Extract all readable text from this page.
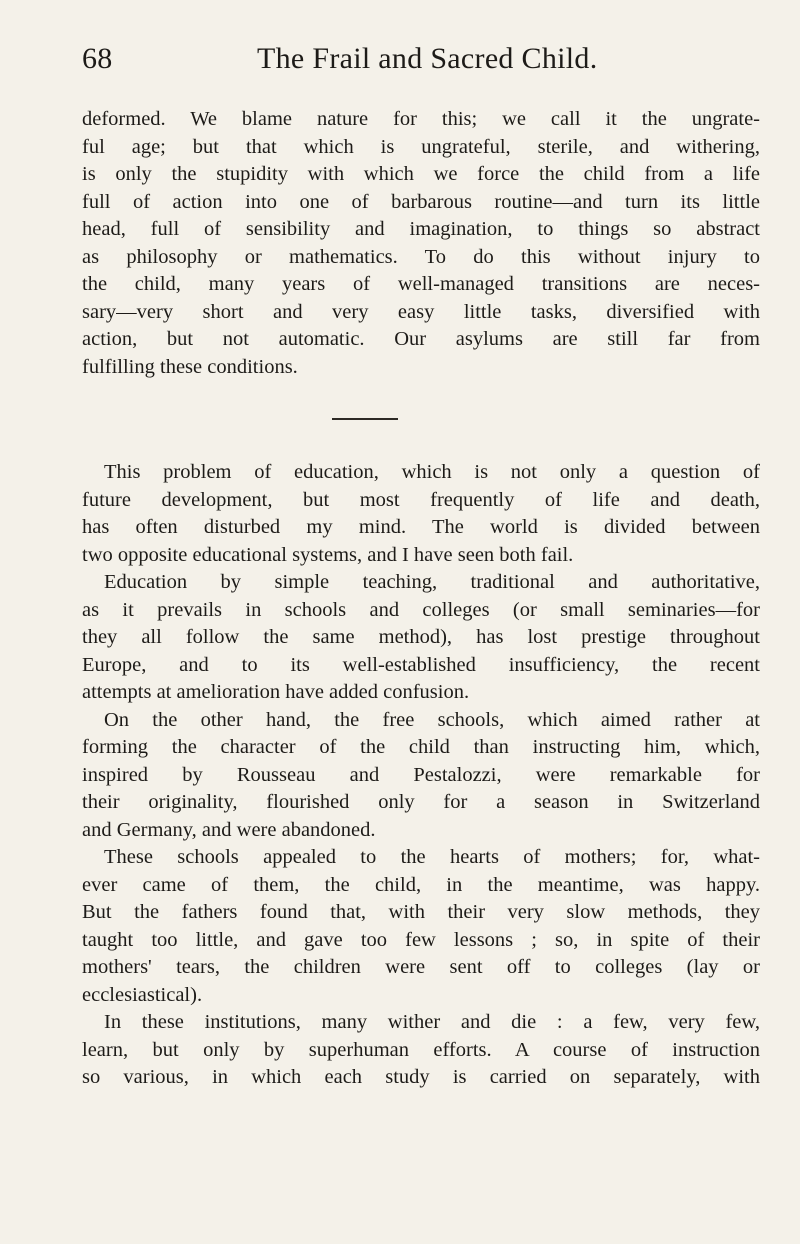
68	The Frail and Sacred Child.
deformed. We blame nature for this; we call it the ungrate-
ful age; but that which is ungrateful, sterile, and withering,
is only the stupidity with which we force the child from a life
full of action into one of barbarous routine—and turn its little
head, full of sensibility and imagination, to things so abstract
as philosophy or mathematics. To do this without injury to
the child, many years of well-managed transitions are neces-
sary—very short and very easy little tasks, diversified with
action, but not automatic. Our asylums are still far from
fulfilling these conditions.
This problem of education, which is not only a question of
future development, but most frequently of life and death,
has often disturbed my mind. The world is divided between
two opposite educational systems, and I have seen both fail.
Education by simple teaching, traditional and authoritative,
as it prevails in schools and colleges (or small seminaries—for
they all follow the same method), has lost prestige throughout
Europe, and to its well-established insufficiency, the recent
attempts at amelioration have added confusion.
On the other hand, the free schools, which aimed rather at
forming the character of the child than instructing him, which,
inspired by Rousseau and Pestalozzi, were remarkable for
their originality, flourished only for a season in Switzerland
and Germany, and were abandoned.
These schools appealed to the hearts of mothers; for, what-
ever came of them, the child, in the meantime, was happy.
But the fathers found that, with their very slow methods, they
taught too little, and gave too few lessons ; so, in spite of their
mothers' tears, the children were sent off to colleges (lay or
ecclesiastical).
In these institutions, many wither and die : a few, very few,
learn, but only by superhuman efforts. A course of instruction
so various, in which each study is carried on separately, with
